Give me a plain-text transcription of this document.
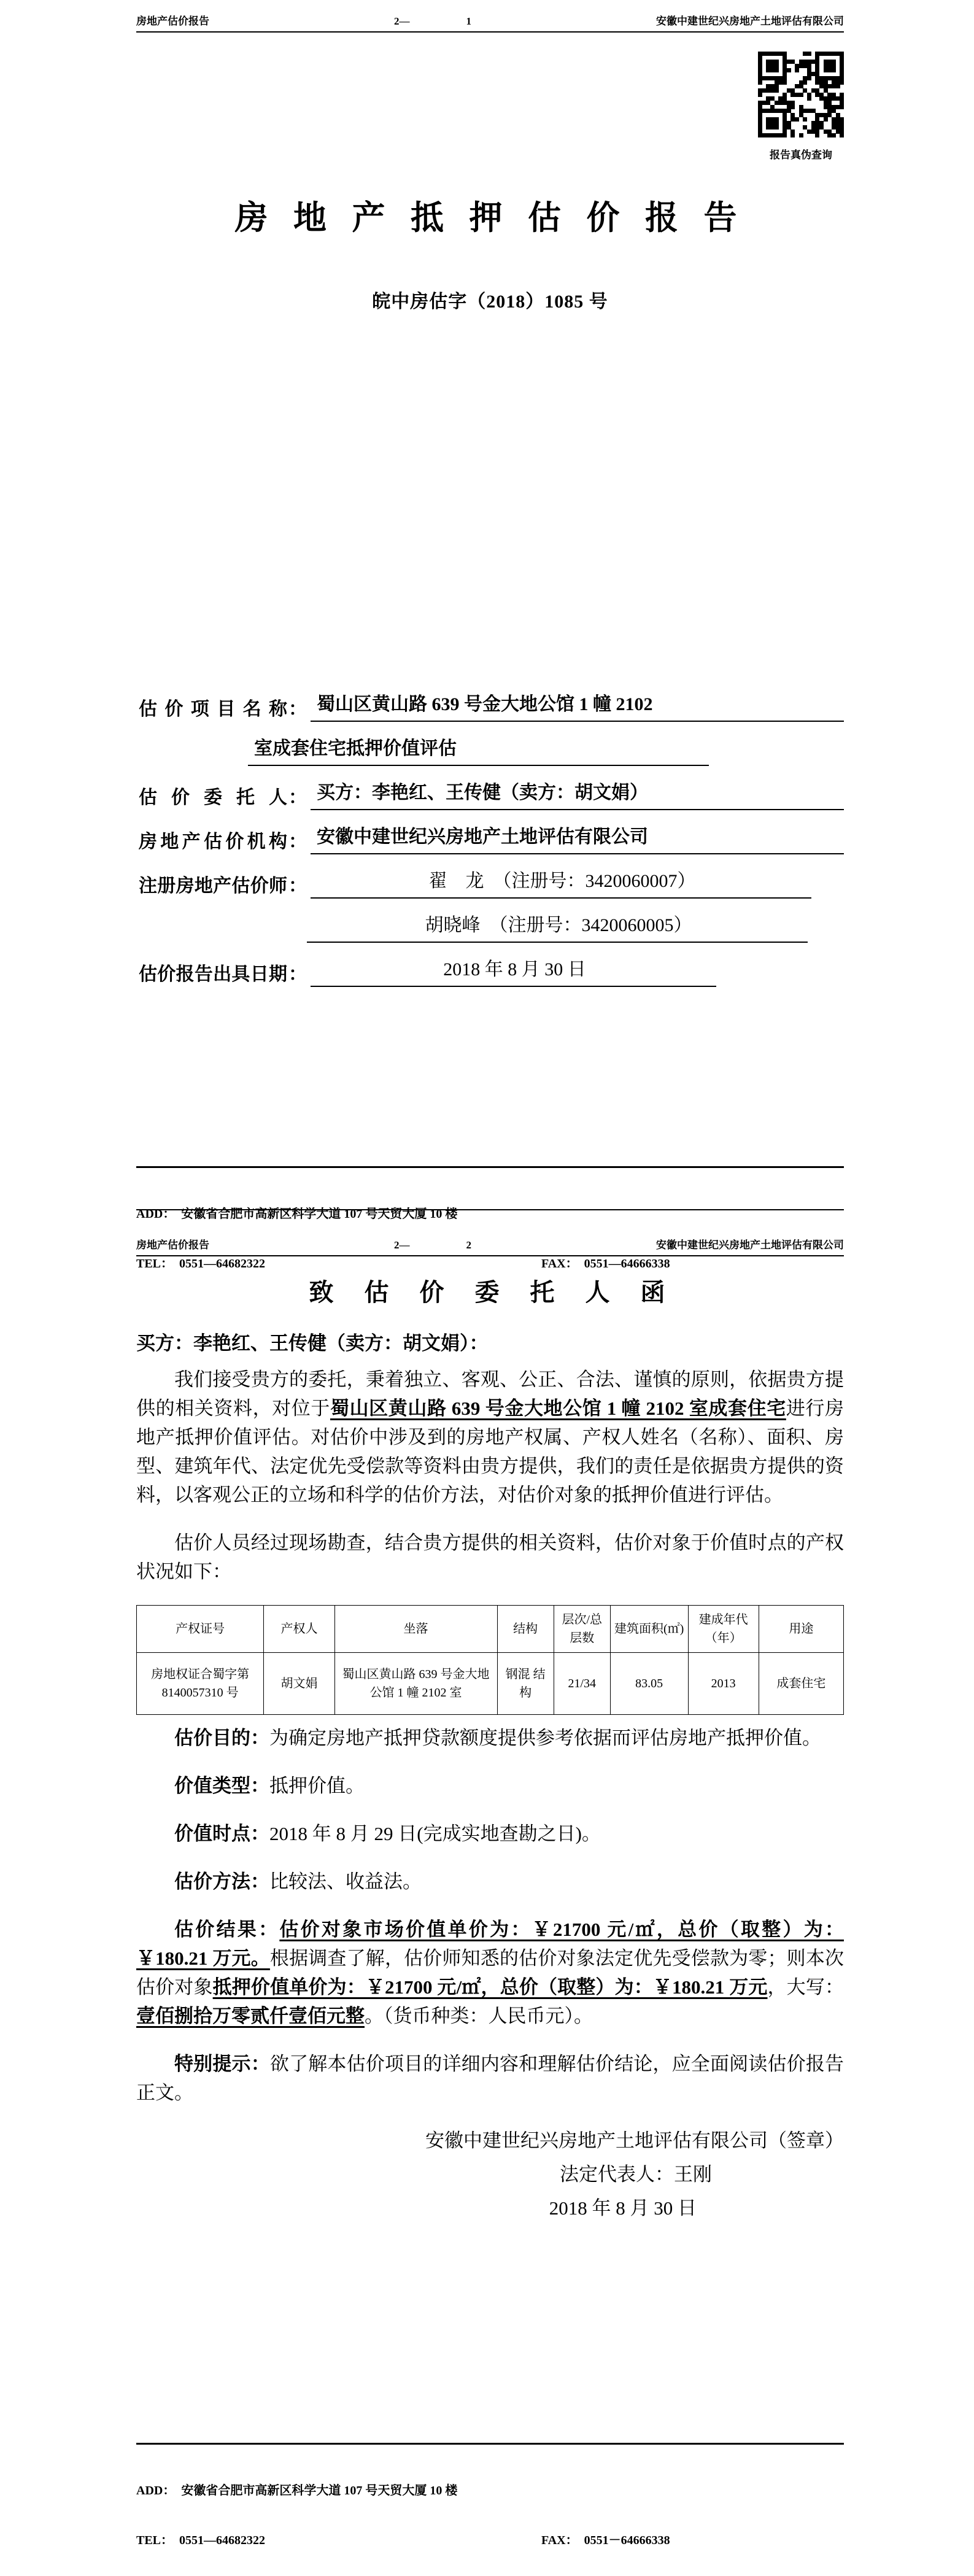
房地产估价报告	2—	1	安徽中建世纪兴房地产土地评估有限公司
报告真伪查询
房 地 产 抵 押 估 价 报 告
皖中房估字（2018）1085 号
估 价 项 目 名 称 ： 蜀山区黄山路 639 号金大地公馆 1 幢 2102
室成套住宅抵押价值评估
估 价 委 托 人 ： 买方：李艳红、王传健（卖方：胡文娟）
房地产估价机构 ： 安徽中建世纪兴房地产土地评估有限公司
注册房地产估价师 ：	翟　龙　（注册号：3420060007）
胡晓峰　（注册号：3420060005）
估价报告出具日期 ：	2018 年 8 月 30 日

ADD：  安徽省合肥市高新区科学大道 107 号天贸大厦 10 楼

TEL：  0551—64682322	FAX：  0551—64666338

房地产估价报告	2—	2	安徽中建世纪兴房地产土地评估有限公司
致  估  价  委  托  人  函
买方：李艳红、王传健（卖方：胡文娟）：

我们接受贵方的委托，秉着独立、客观、公正、合法、谨慎的原则，依据贵方提供的相关资料，对位于蜀山区黄山路 639 号金大地公馆 1 幢 2102 室成套住宅进行房地产抵押价值评估。对估价中涉及到的房地产权属、产权人姓名（名称）、面积、房型、建筑年代、法定优先受偿款等资料由贵方提供，我们的责任是依据贵方提供的资料，以客观公正的立场和科学的估价方法，对估价对象的抵押价值进行评估。

估价人员经过现场勘查，结合贵方提供的相关资料，估价对象于价值时点的产权状况如下：

产权证号	产权人	坐落	结构	层次/总层数	建筑面积(㎡)	建成年代（年）	用途
房地权证合蜀字第 8140057310 号	胡文娟	蜀山区黄山路 639 号金大地公馆 1 幢 2102 室	钢混 结构	21/34	83.05	2013	成套住宅

估价目的：为确定房地产抵押贷款额度提供参考依据而评估房地产抵押价值。

价值类型：抵押价值。

价值时点：2018 年 8 月 29 日(完成实地查勘之日)。

估价方法：比较法、收益法。

估价结果：估价对象市场价值单价为：￥21700 元/㎡，总价（取整）为：￥180.21 万元。根据调查了解，估价师知悉的估价对象法定优先受偿款为零；则本次估价对象抵押价值单价为：￥21700 元/㎡，总价（取整）为：￥180.21 万元，大写：壹佰捌拾万零贰仟壹佰元整。（货币种类：人民币元）。

特别提示：欲了解本估价项目的详细内容和理解估价结论，应全面阅读估价报告正文。

安徽中建世纪兴房地产土地评估有限公司（签章）
法定代表人：王刚
2018 年 8 月 30 日

ADD：  安徽省合肥市高新区科学大道 107 号天贸大厦 10 楼

TEL：  0551—64682322	FAX：  0551－64666338
